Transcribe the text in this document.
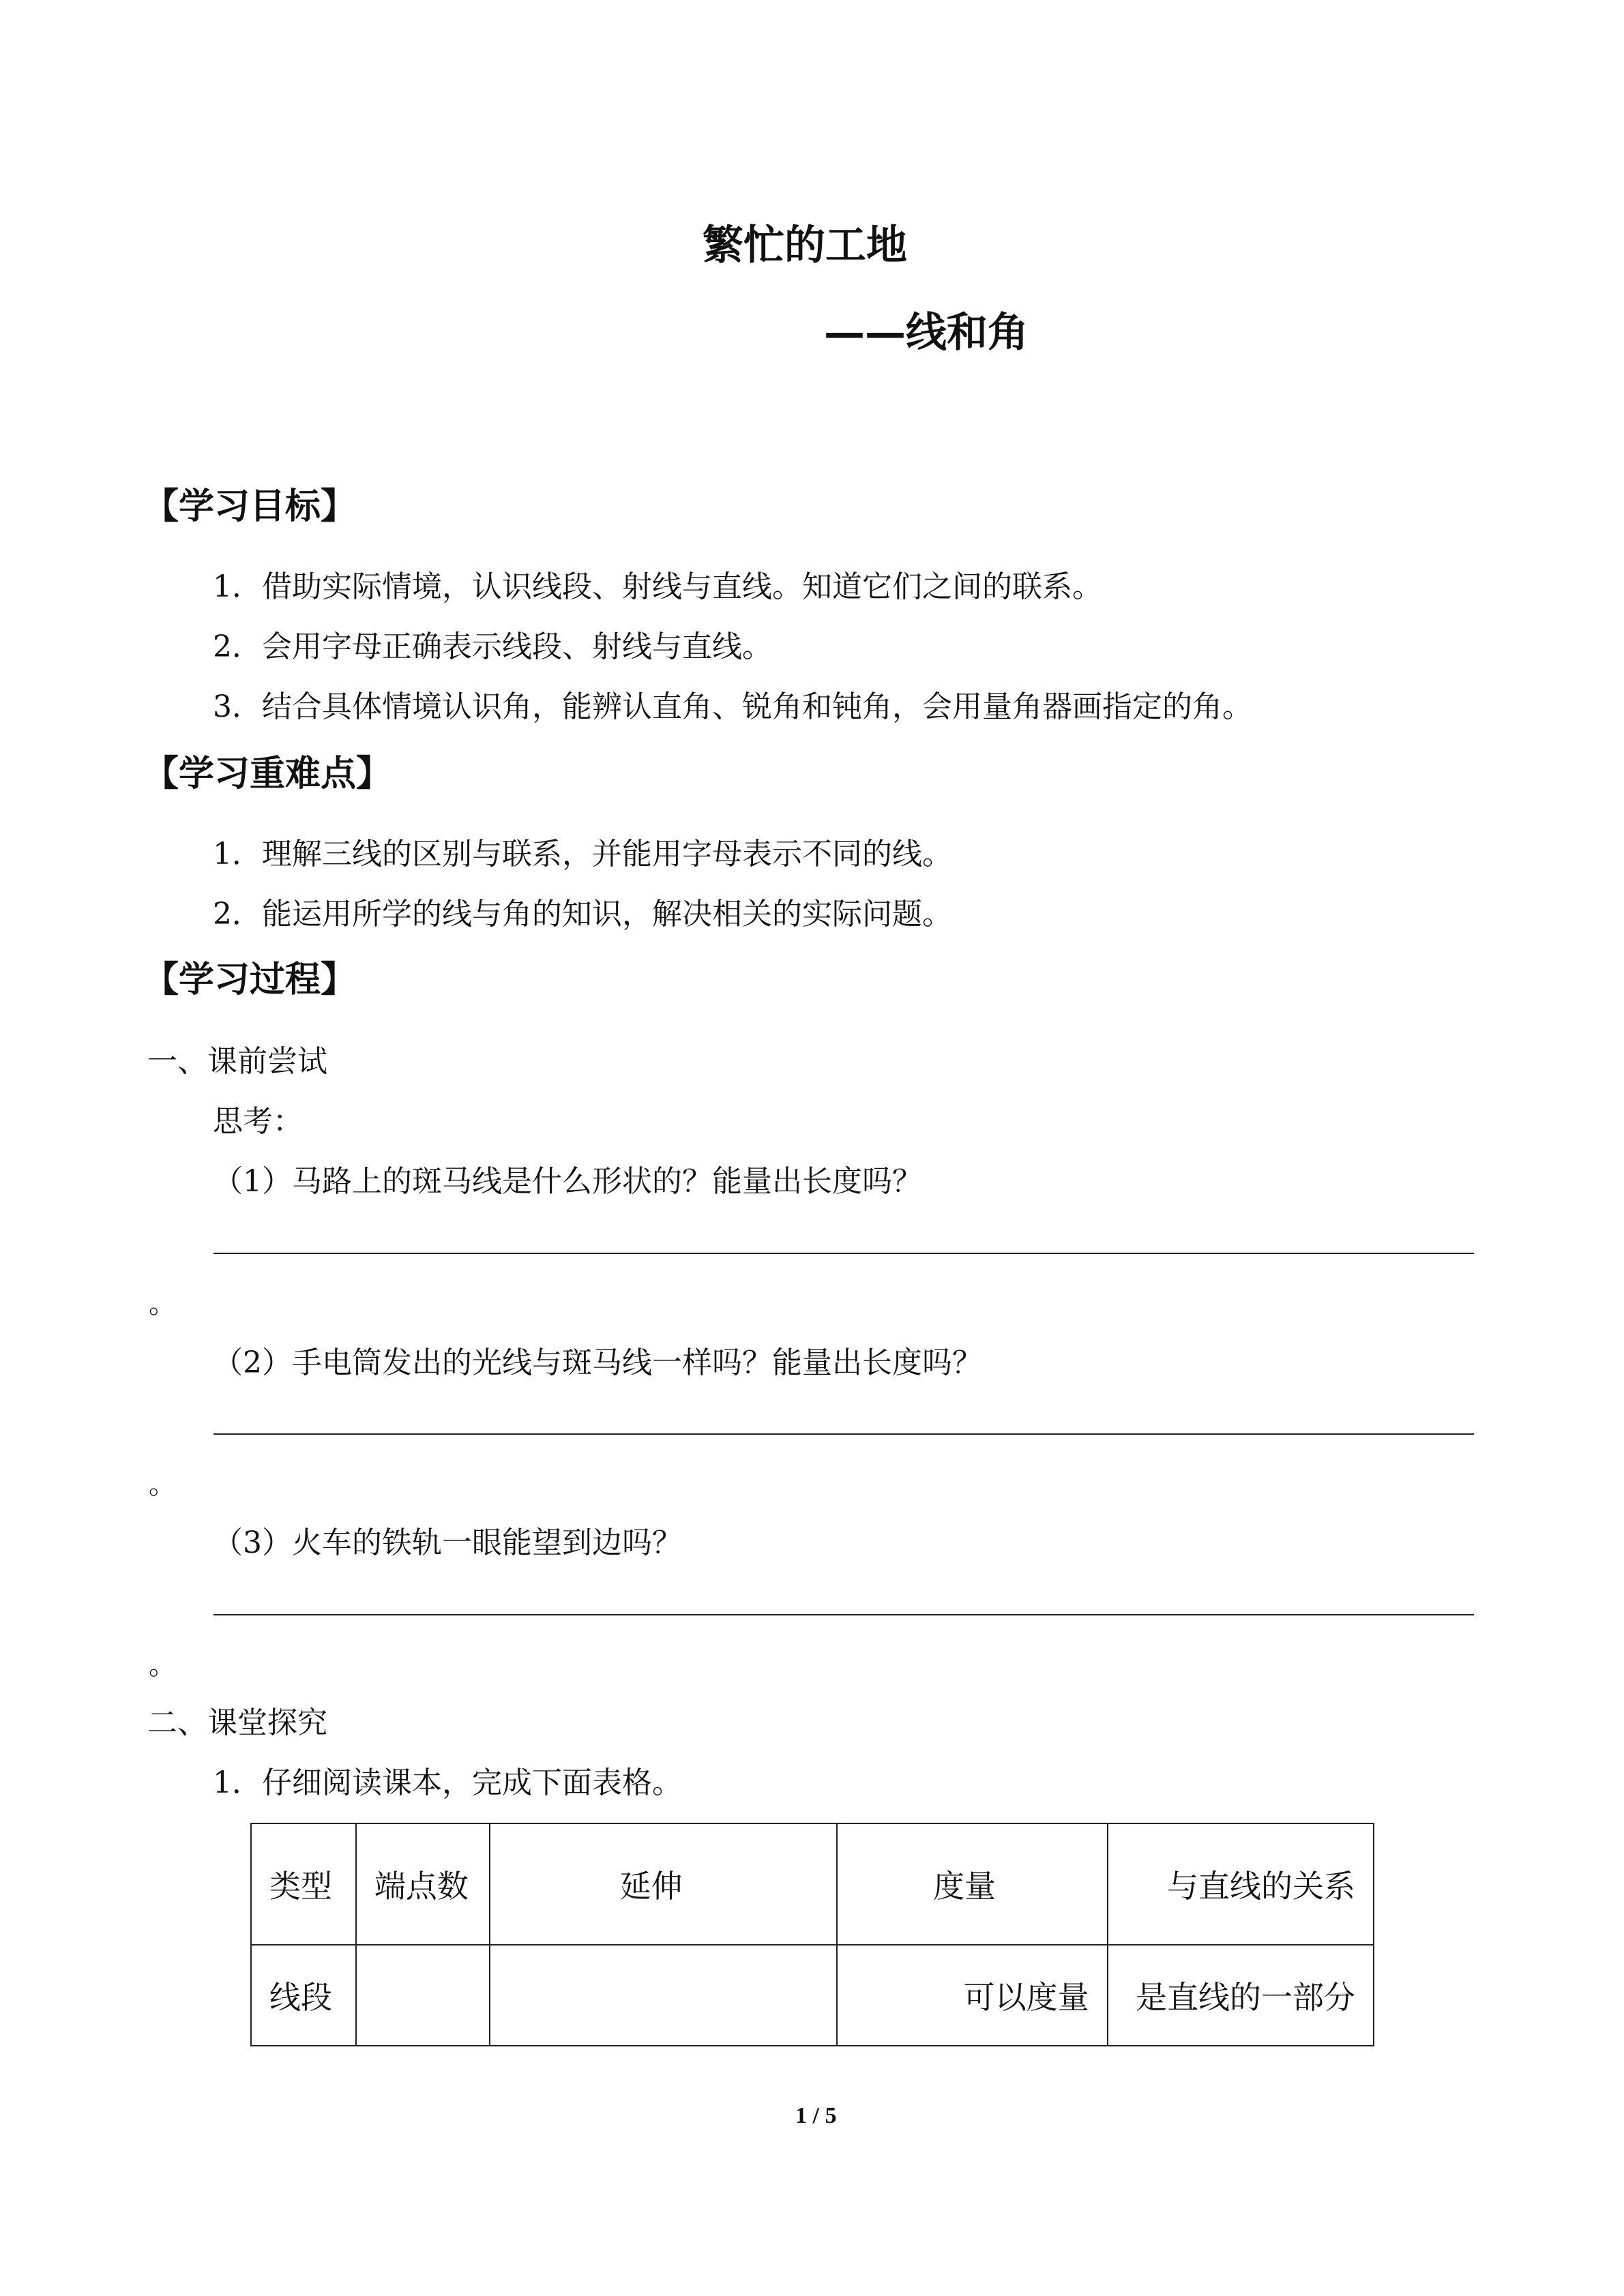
繁忙的工地
——线和角
【学习目标】
1．借助实际情境，认识线段、射线与直线。知道它们之间的联系。
2．会用字母正确表示线段、射线与直线。
3．结合具体情境认识角，能辨认直角、锐角和钝角，会用量角器画指定的角。
【学习重难点】
1．理解三线的区别与联系，并能用字母表示不同的线。
2．能运用所学的线与角的知识，解决相关的实际问题。
【学习过程】
一、课前尝试
思考：
（1）马路上的斑马线是什么形状的？能量出长度吗？
。
（2）手电筒发出的光线与斑马线一样吗？能量出长度吗？
。
（3）火车的铁轨一眼能望到边吗？
。
二、课堂探究
1．仔细阅读课本，完成下面表格。
类型	端点数	延伸	度量	与直线的关系
线段			可以度量	是直线的一部分
1 / 5
